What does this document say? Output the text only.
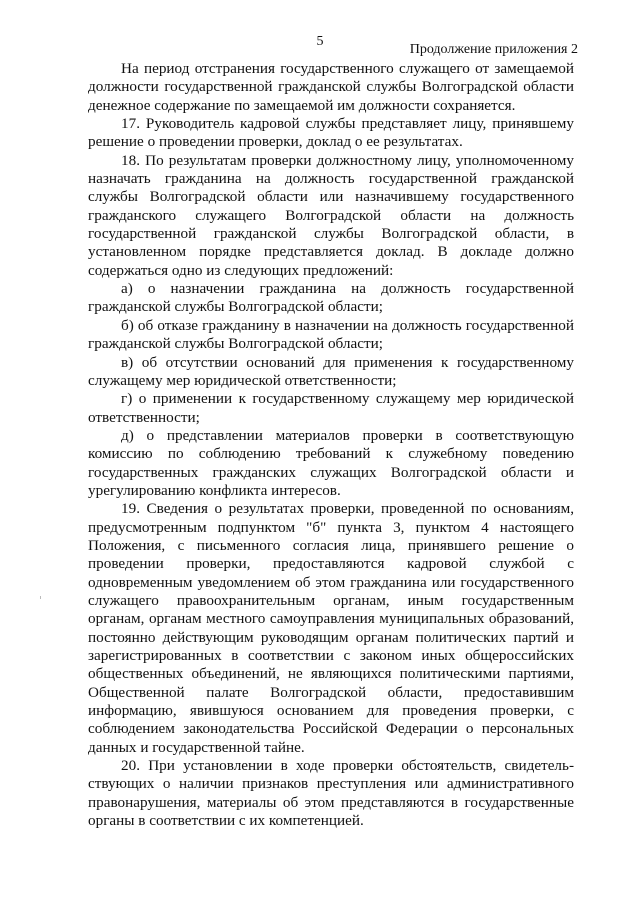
5
Продолжение приложения 2

На период отстранения государственного служащего от замещаемой должности государственной гражданской службы Волгоградской области денежное содержание по замещаемой им должности сохраняется.

17. Руководитель кадровой службы представляет лицу, принявшему решение о проведении проверки, доклад о ее результатах.

18. По результатам проверки должностному лицу, уполномоченному назначать гражданина на должность государственной гражданской службы Волгоградской области или назначившему государственного гражданского служащего Волгоградской области на должность государственной гражданской службы Волгоградской области, в установленном порядке представляется доклад. В докладе должно содержаться одно из следующих предложений:

а) о назначении гражданина на должность государственной гражданской службы Волгоградской области;

б) об отказе гражданину в назначении на должность государственной гражданской службы Волгоградской области;

в) об отсутствии оснований для применения к государственному служащему мер юридической ответственности;

г) о применении к государственному служащему мер юридической ответственности;

д) о представлении материалов проверки в соответствующую комиссию по соблюдению требований к служебному поведению государственных гражданских служащих Волгоградской области и урегулированию конфликта интересов.

19. Сведения о результатах проверки, проведенной по основаниям, предусмотренным подпунктом "б" пункта 3, пунктом 4 настоящего Положения, с письменного согласия лица, принявшего решение о проведении проверки, предоставляются кадровой службой с одновременным уведомлением об этом гражданина или государственного служащего правоохранительным органам, иным государственным органам, органам местного самоуправления муниципальных образований, постоянно действующим руководящим органам политических партий и зарегистрированных в соответствии с законом иных общероссийских общественных объединений, не являющихся политическими партиями, Общественной палате Волгоградской области, предоставившим информацию, явившуюся основанием для проведения проверки, с соблюдением законодательства Российской Федерации о персональных данных и государственной тайне.

20. При установлении в ходе проверки обстоятельств, свидетель-ствующих о наличии признаков преступления или административного правонарушения, материалы об этом представляются в государственные органы в соответствии с их компетенцией.
